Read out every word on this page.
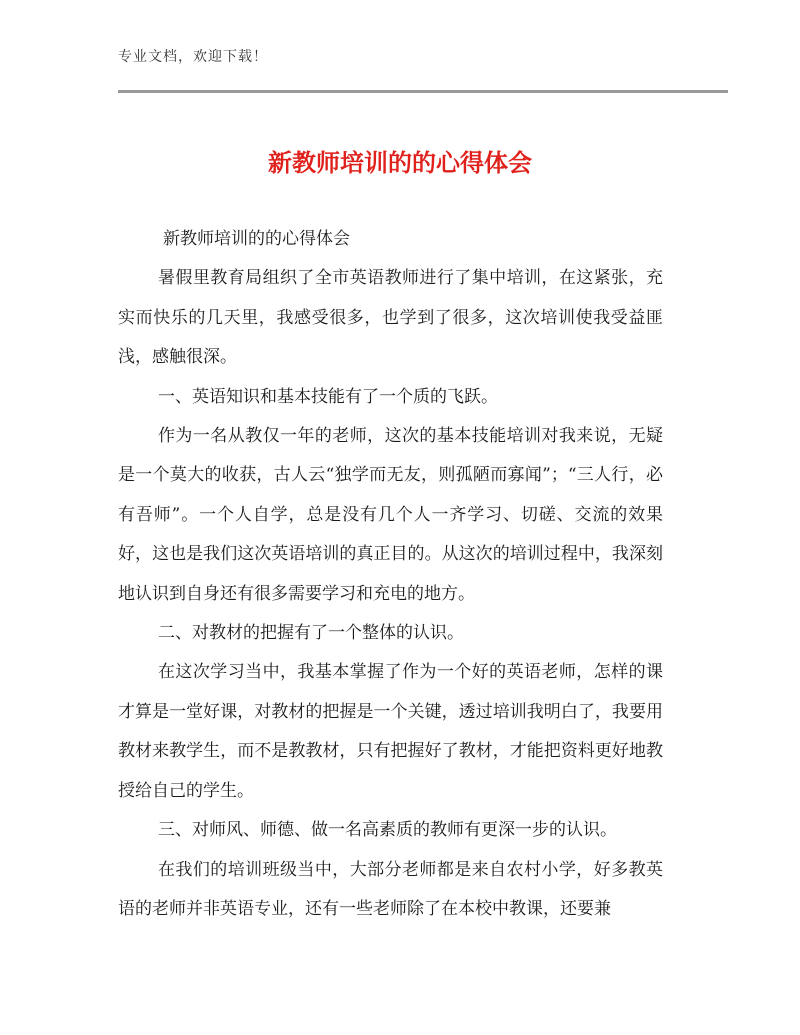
专业文档，欢迎下载！
新教师培训的的心得体会

新教师培训的的心得体会

暑假里教育局组织了全市英语教师进行了集中培训，在这紧张，充实而快乐的几天里，我感受很多，也学到了很多，这次培训使我受益匪浅，感触很深。

一、英语知识和基本技能有了一个质的飞跃。

作为一名从教仅一年的老师，这次的基本技能培训对我来说，无疑是一个莫大的收获，古人云“独学而无友，则孤陋而寡闻”；“三人行，必有吾师”。一个人自学，总是没有几个人一齐学习、切磋、交流的效果好，这也是我们这次英语培训的真正目的。从这次的培训过程中，我深刻地认识到自身还有很多需要学习和充电的地方。

二、对教材的把握有了一个整体的认识。

在这次学习当中，我基本掌握了作为一个好的英语老师，怎样的课才算是一堂好课，对教材的把握是一个关键，透过培训我明白了，我要用教材来教学生，而不是教教材，只有把握好了教材，才能把资料更好地教授给自己的学生。

三、对师风、师德、做一名高素质的教师有更深一步的认识。

在我们的培训班级当中，大部分老师都是来自农村小学，好多教英语的老师并非英语专业，还有一些老师除了在本校中教课，还要兼
